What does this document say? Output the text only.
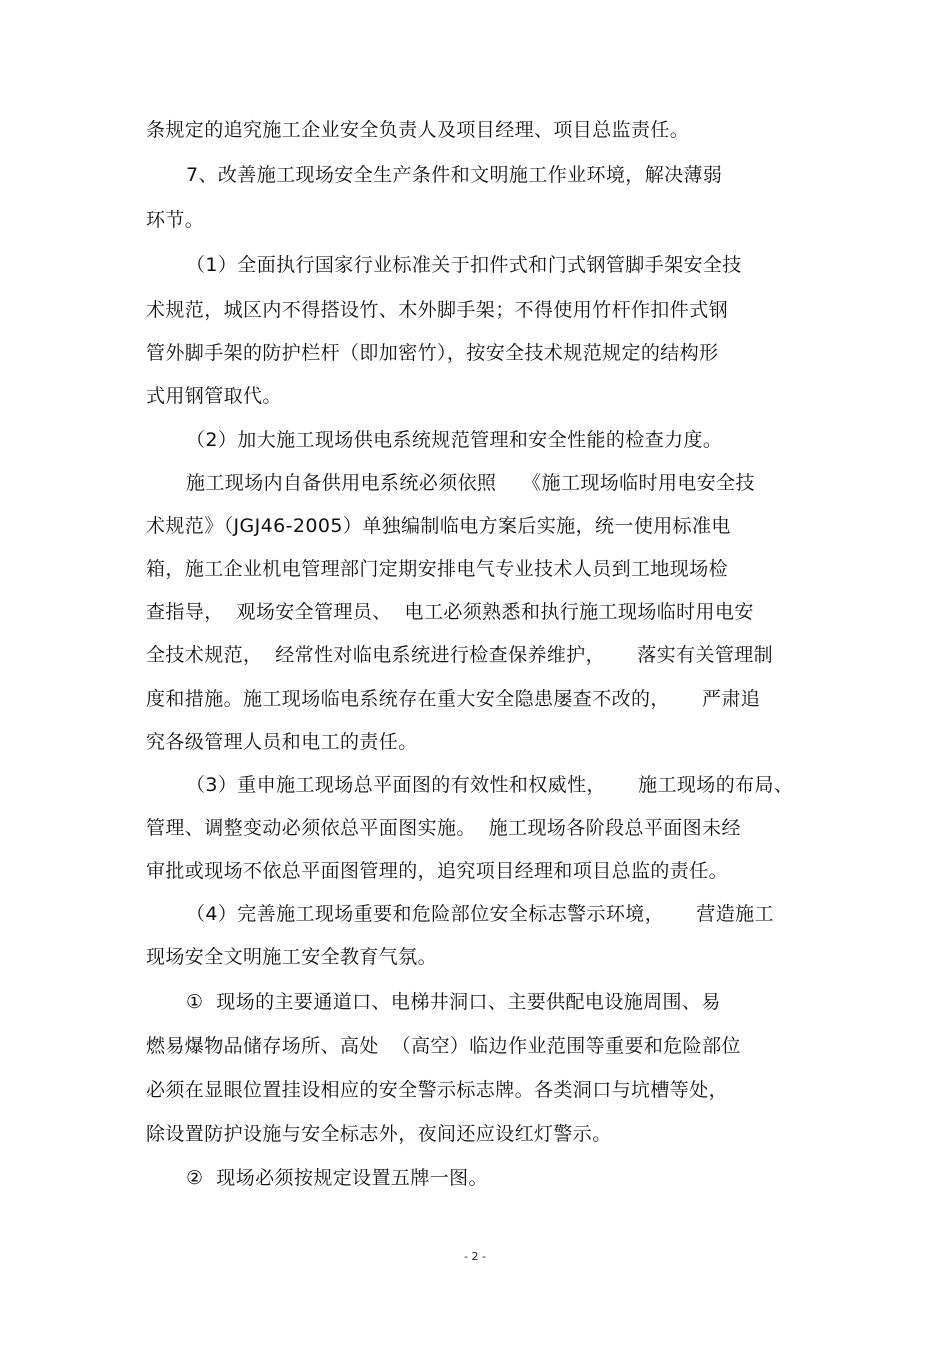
条规定的追究施工企业安全负责人及项目经理、项目总监责任。
7、改善施工现场安全生产条件和文明施工作业环境，解决薄弱
环节。
（1）全面执行国家行业标准关于扣件式和门式钢管脚手架安全技
术规范，城区内不得搭设竹、木外脚手架；不得使用竹杆作扣件式钢
管外脚手架的防护栏杆（即加密竹），按安全技术规范规定的结构形
式用钢管取代。
（2）加大施工现场供电系统规范管理和安全性能的检查力度。
施工现场内自备供用电系统必须依照    《施工现场临时用电安全技
术规范》（JGJ46-2005）单独编制临电方案后实施，统一使用标准电
箱，施工企业机电管理部门定期安排电气专业技术人员到工地现场检
查指导，  观场安全管理员、  电工必须熟悉和执行施工现场临时用电安
全技术规范，  经常性对临电系统进行检查保养维护，     落实有关管理制
度和措施。施工现场临电系统存在重大安全隐患屡查不改的，     严肃追
究各级管理人员和电工的责任。
（3）重申施工现场总平面图的有效性和权威性，     施工现场的布局、
管理、调整变动必须依总平面图实施。  施工现场各阶段总平面图未经
审批或现场不依总平面图管理的，追究项目经理和项目总监的责任。
（4）完善施工现场重要和危险部位安全标志警示环境，     营造施工
现场安全文明施工安全教育气氛。
①  现场的主要通道口、电梯井洞口、主要供配电设施周围、易
燃易爆物品储存场所、高处  （高空）临边作业范围等重要和危险部位
必须在显眼位置挂设相应的安全警示标志牌。各类洞口与坑槽等处，
除设置防护设施与安全标志外，夜间还应设红灯警示。
②  现场必须按规定设置五牌一图。
- 2 -
